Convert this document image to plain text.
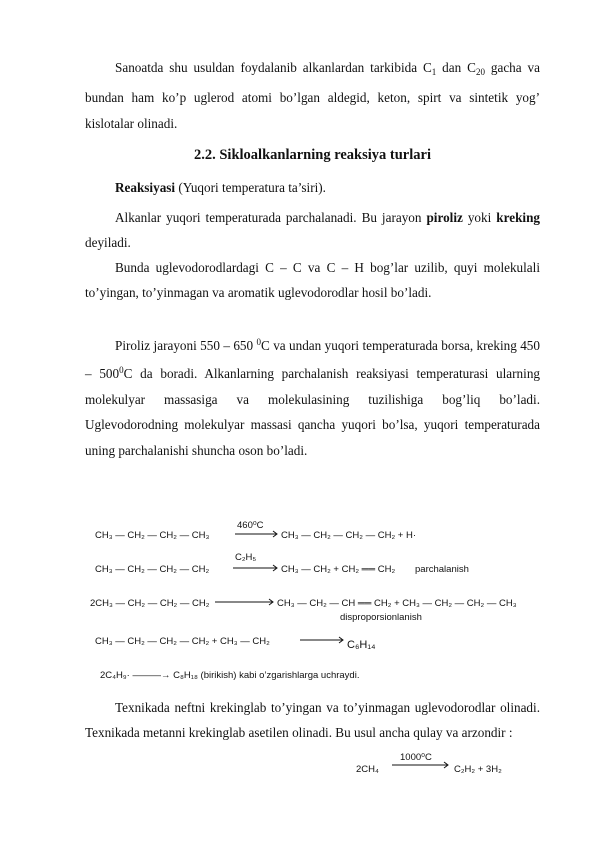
Sanoatda shu usuldan foydalanib alkanlardan tarkibida $C_1$ dan $C_{20}$ gacha va bundan ham ko’p uglerod atomi bo’lgan aldegid, keton, spirt va sintetik yog’ kislotalar olinadi.

2.2. Sikloalkanlarning reaksiya turlari

Reaksiyasi (Yuqori temperatura ta’siri).

Alkanlar yuqori temperaturada parchalanadi. Bu jarayon piroliz yoki kreking deyiladi.

Bunda uglevodorodlardagi C – C va C – H bog’lar uzilib, quyi molekulali to’yingan, to’yinmagan va aromatik uglevodorodlar hosil bo’ladi.

Piroliz jarayoni 550 – 650 $^0$C va undan yuqori temperaturada borsa, kreking $450 - 500^0C$ da boradi. Alkanlarning parchalanish reaksiyasi temperaturasi ularning molekulyar massasiga va molekulasining tuzilishiga bog’liq bo’ladi. Uglevodorodning molekulyar massasi qancha yuqori bo’lsa, yuqori temperaturada uning parchalanishi shuncha oson bo’ladi.

CH₃ — CH₂ — CH₂ — CH₃
460⁰C
CH₃ — CH₂ — CH₂ — CH₂ + H·
CH₃ — CH₂ — CH₂ — CH₂
C₂H₅
CH₃ — CH₂ + CH₂ ══ CH₂ parchalanish
2CH₃ — CH₂ — CH₂ — CH₂	CH₃ — CH₂ — CH ══ CH₂ + CH₃ — CH₂ — CH₂ — CH₃
disproporsionlanish
CH₃ — CH₂ — CH₂ — CH₂ + CH₃ — CH₂	C₆H₁₄
2C₄H₉· ———→ C₈H₁₈ (birikish) kabi o’zgarishlarga uchraydi.

Texnikada neftni krekinglab to’yingan va to’yinmagan uglevodorodlar olinadi. Texnikada metanni krekinglab asetilen olinadi. Bu usul ancha qulay va arzondir :

2CH₄
1000⁰C
C₂H₂ + 3H₂
